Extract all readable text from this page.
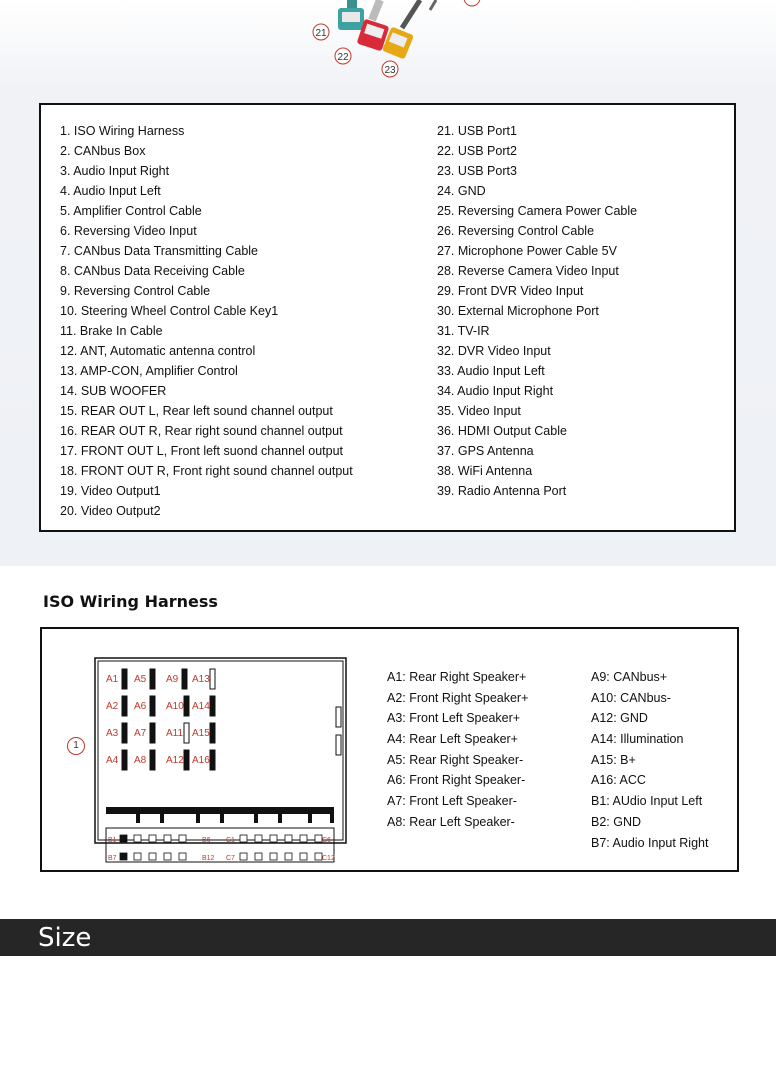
21
22
23
1. ISO Wiring Harness
2. CANbus Box
3. Audio Input Right
4. Audio Input Left
5. Amplifier Control Cable
6. Reversing Video Input
7. CANbus Data Transmitting Cable
8. CANbus Data Receiving Cable
9. Reversing Control Cable
10. Steering Wheel Control Cable Key1
11. Brake In Cable
12. ANT, Automatic antenna control
13. AMP-CON, Amplifier Control
14. SUB WOOFER
15. REAR OUT L, Rear left sound channel output
16. REAR OUT R, Rear right sound channel output
17. FRONT OUT L, Front left suond channel output
18. FRONT OUT R, Front right sound channel output
19. Video Output1
20. Video Output2
21. USB Port1
22. USB Port2
23. USB Port3
24. GND
25. Reversing Camera Power Cable
26. Reversing Control Cable
27. Microphone Power Cable 5V
28. Reverse Camera Video Input
29. Front DVR Video Input
30. External Microphone Port
31. TV-IR
32. DVR Video Input
33. Audio Input Left
34. Audio Input Right
35. Video Input
36. HDMI Output Cable
37. GPS Antenna
38. WiFi Antenna
39. Radio Antenna Port
ISO Wiring Harness
1
A1 A5 A9 A13
A2 A6 A10 A14
A3 A7 A11 A15
A4 A8 A12 A16
B1	B6 C1	C6
B7	B12 C7	C12
A1: Rear Right Speaker+
A2: Front Right Speaker+
A3: Front Left Speaker+
A4: Rear Left Speaker+
A5: Rear Right Speaker-
A6: Front Right Speaker-
A7: Front Left Speaker-
A8: Rear Left Speaker-
A9: CANbus+
A10: CANbus-
A12: GND
A14: Illumination
A15: B+
A16: ACC
B1: AUdio Input Left
B2: GND
B7: Audio Input Right
Size
